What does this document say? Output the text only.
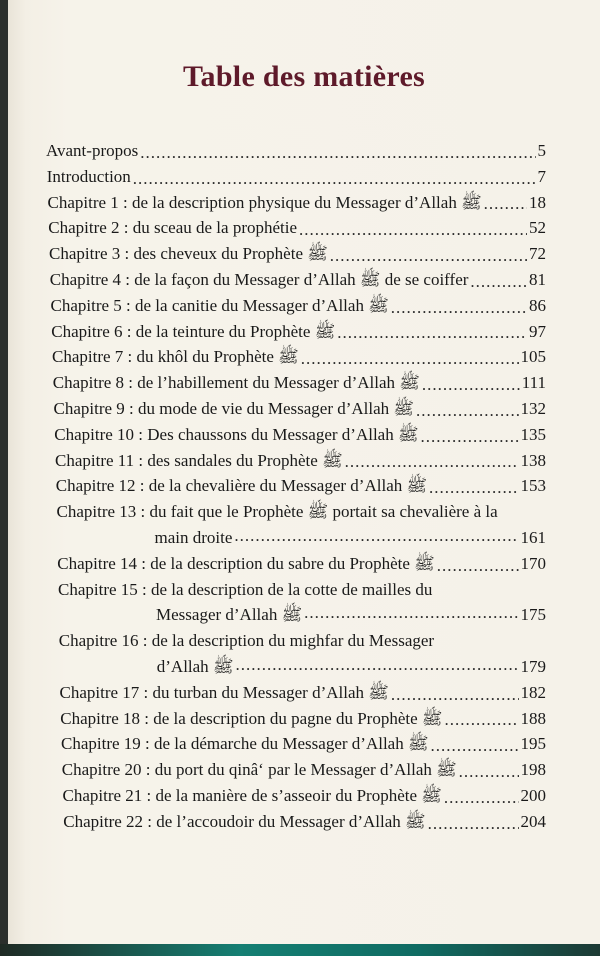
Table des matières
Avant-propos .....	5
Introduction .....	7
Chapitre 1 : de la description physique du Messager d’Allah ﷺ .....	18
Chapitre 2 : du sceau de la prophétie .....	52
Chapitre 3 : des cheveux du Prophète ﷺ .....	72
Chapitre 4 : de la façon du Messager d’Allah ﷺ de se coiffer .....	81
Chapitre 5 : de la canitie du Messager d’Allah ﷺ .....	86
Chapitre 6 : de la teinture du Prophète ﷺ .....	97
Chapitre 7 : du khôl du Prophète ﷺ .....	105
Chapitre 8 : de l’habillement du Messager d’Allah ﷺ .....	111
Chapitre 9 : du mode de vie du Messager d’Allah ﷺ .....	132
Chapitre 10 : Des chaussons du Messager d’Allah ﷺ .....	135
Chapitre 11 : des sandales du Prophète ﷺ .....	138
Chapitre 12 : de la chevalière du Messager d’Allah ﷺ .....	153
Chapitre 13 : du fait que le Prophète ﷺ portait sa chevalière à la
main droite .....	161
Chapitre 14 : de la description du sabre du Prophète ﷺ .....	170
Chapitre 15 : de la description de la cotte de mailles du
Messager d’Allah ﷺ .....	175
Chapitre 16 : de la description du mighfar du Messager
d’Allah ﷺ .....	179
Chapitre 17 : du turban du Messager d’Allah ﷺ .....	182
Chapitre 18 : de la description du pagne du Prophète ﷺ .....	188
Chapitre 19 : de la démarche du Messager d’Allah ﷺ .....	195
Chapitre 20 : du port du qinâ‘ par le Messager d’Allah ﷺ .....	198
Chapitre 21 : de la manière de s’asseoir du Prophète ﷺ .....	200
Chapitre 22 : de l’accoudoir du Messager d’Allah ﷺ .....	204
